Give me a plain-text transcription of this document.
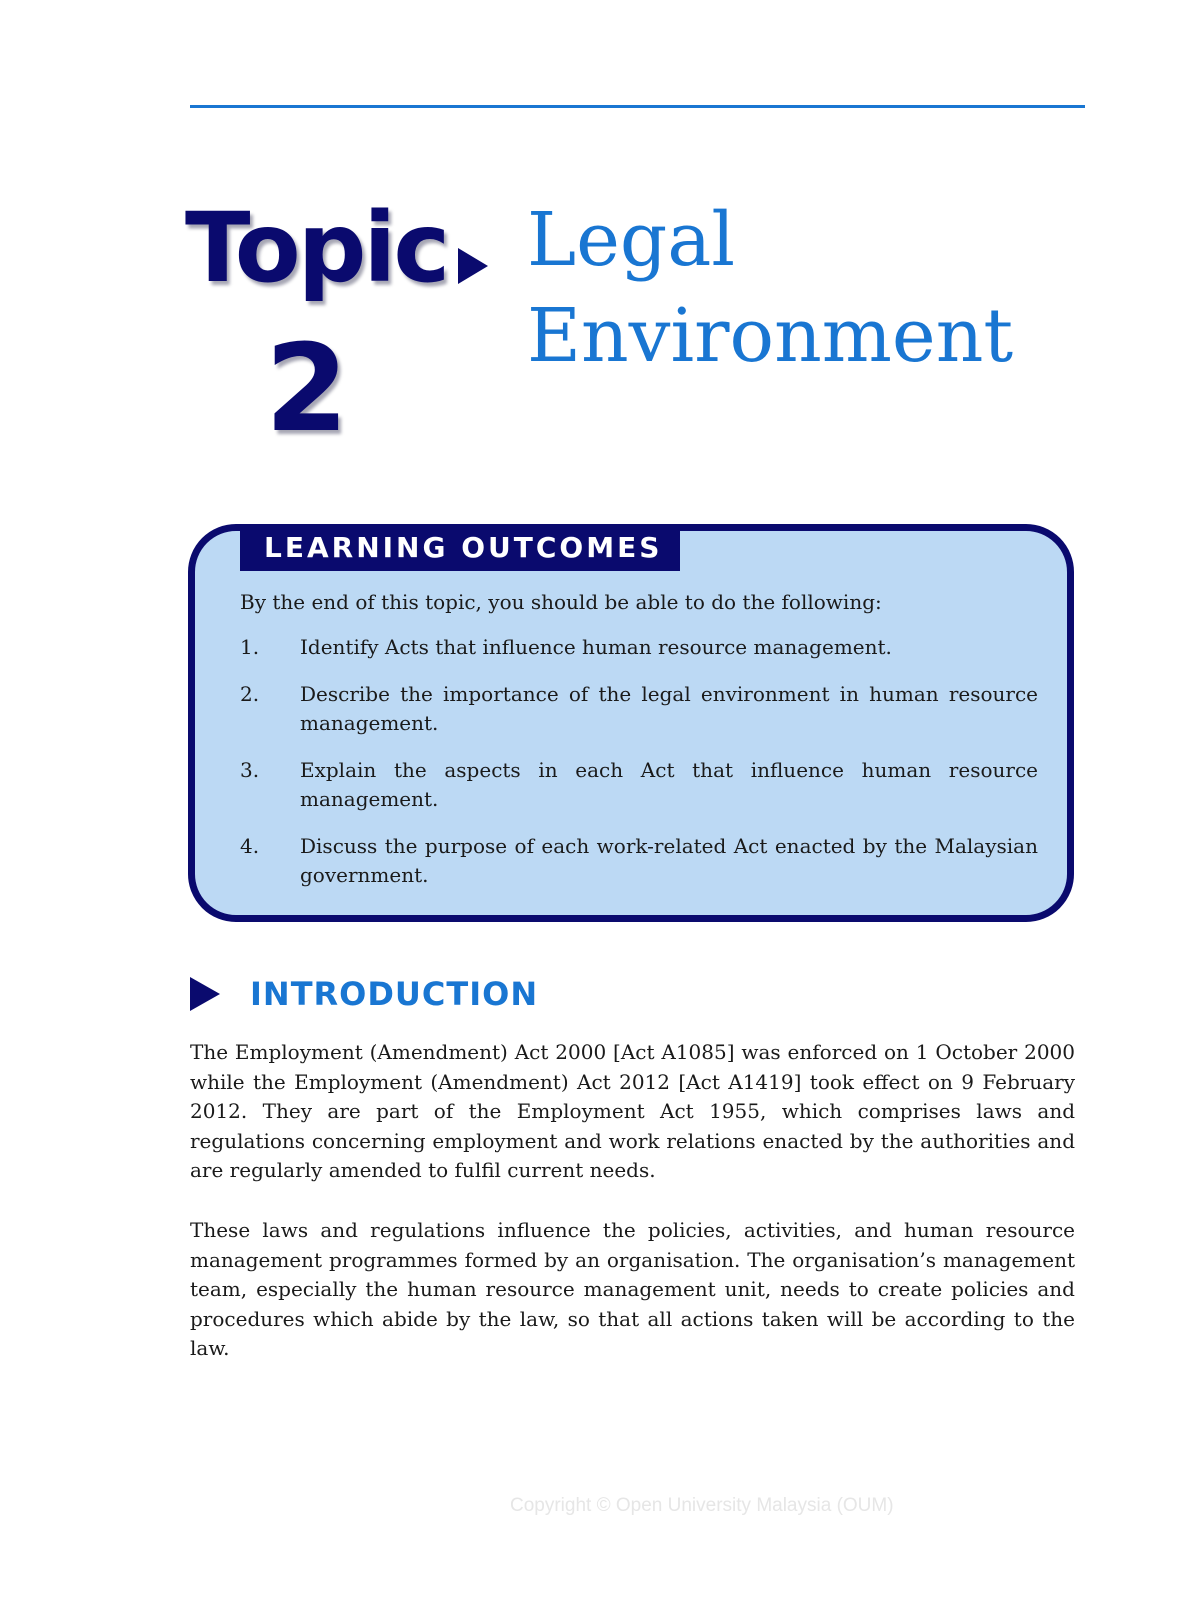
Topic
2
Legal
Environment
LEARNING OUTCOMES

By the end of this topic, you should be able to do the following:

1. Identify Acts that influence human resource management.
2. Describe the importance of the legal environment in human resource management.
3. Explain the aspects in each Act that influence human resource management.
4. Discuss the purpose of each work-related Act enacted by the Malaysian government.
INTRODUCTION

The Employment (Amendment) Act 2000 [Act A1085] was enforced on 1 October 2000 while the Employment (Amendment) Act 2012 [Act A1419] took effect on 9 February 2012. They are part of the Employment Act 1955, which comprises laws and regulations concerning employment and work relations enacted by the authorities and are regularly amended to fulfil current needs.

These laws and regulations influence the policies, activities, and human resource management programmes formed by an organisation. The organisation’s management team, especially the human resource management unit, needs to create policies and procedures which abide by the law, so that all actions taken will be according to the law.

Copyright © Open University Malaysia (OUM)
